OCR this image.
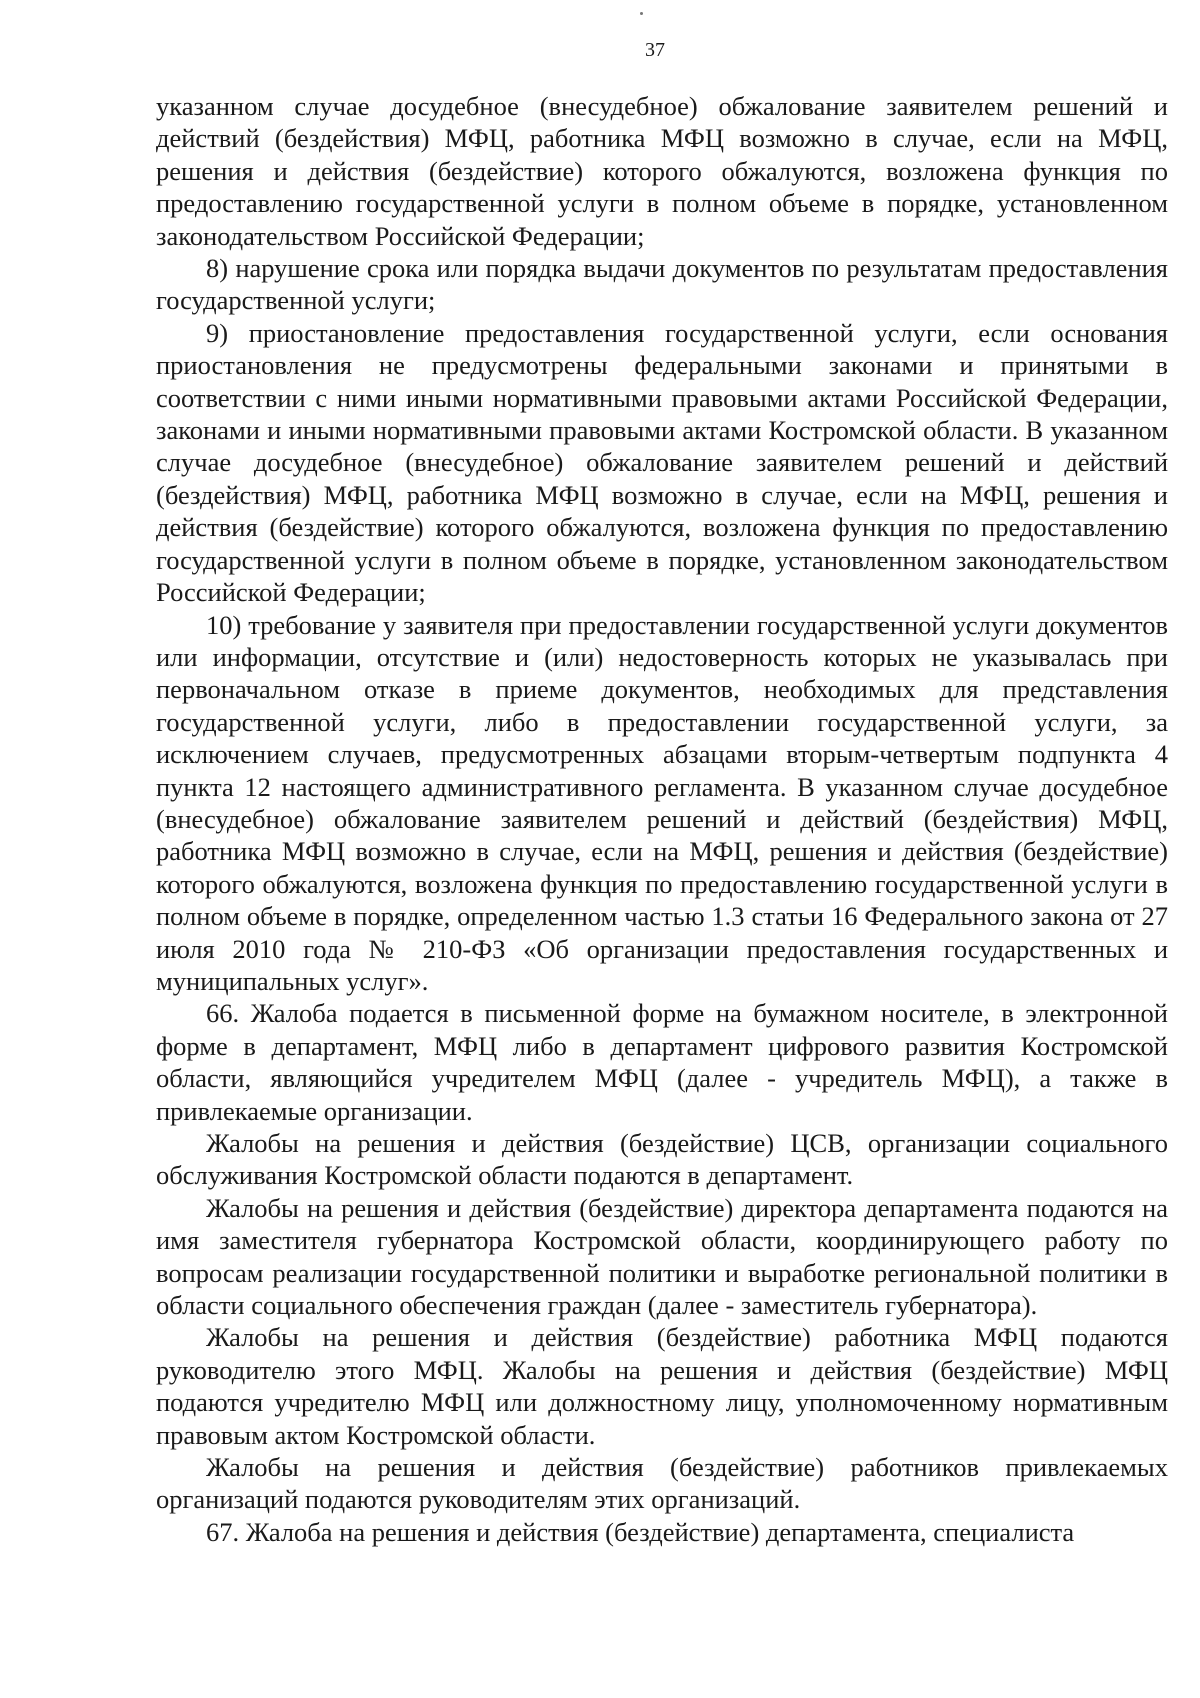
37

указанном случае досудебное (внесудебное) обжалование заявителем решений и действий (бездействия) МФЦ, работника МФЦ возможно в случае, если на МФЦ, решения и действия (бездействие) которого обжалуются, возложена функция по предоставлению государственной услуги в полном объеме в порядке, установленном законодательством Российской Федерации;

8) нарушение срока или порядка выдачи документов по результатам предоставления государственной услуги;

9) приостановление предоставления государственной услуги, если основания приостановления не предусмотрены федеральными законами и принятыми в соответствии с ними иными нормативными правовыми актами Российской Федерации, законами и иными нормативными правовыми актами Костромской области. В указанном случае досудебное (внесудебное) обжалование заявителем решений и действий (бездействия) МФЦ, работника МФЦ возможно в случае, если на МФЦ, решения и действия (бездействие) которого обжалуются, возложена функция по предоставлению государственной услуги в полном объеме в порядке, установленном законодательством Российской Федерации;

10) требование у заявителя при предоставлении государственной услуги документов или информации, отсутствие и (или) недостоверность которых не указывалась при первоначальном отказе в приеме документов, необходимых для представления государственной услуги, либо в предоставлении государственной услуги, за исключением случаев, предусмотренных абзацами вторым-четвертым подпункта 4 пункта 12 настоящего административного регламента. В указанном случае досудебное (внесудебное) обжалование заявителем решений и действий (бездействия) МФЦ, работника МФЦ возможно в случае, если на МФЦ, решения и действия (бездействие) которого обжалуются, возложена функция по предоставлению государственной услуги в полном объеме в порядке, определенном частью 1.3 статьи 16 Федерального закона от 27 июля 2010 года № 210-ФЗ «Об организации предоставления государственных и муниципальных услуг».

66. Жалоба подается в письменной форме на бумажном носителе, в электронной форме в департамент, МФЦ либо в департамент цифрового развития Костромской области, являющийся учредителем МФЦ (далее - учредитель МФЦ), а также в привлекаемые организации.

Жалобы на решения и действия (бездействие) ЦСВ, организации социального обслуживания Костромской области подаются в департамент.

Жалобы на решения и действия (бездействие) директора департамента подаются на имя заместителя губернатора Костромской области, координирующего работу по вопросам реализации государственной политики и выработке региональной политики в области социального обеспечения граждан (далее - заместитель губернатора).

Жалобы на решения и действия (бездействие) работника МФЦ подаются руководителю этого МФЦ. Жалобы на решения и действия (бездействие) МФЦ подаются учредителю МФЦ или должностному лицу, уполномоченному нормативным правовым актом Костромской области.

Жалобы на решения и действия (бездействие) работников привлекаемых организаций подаются руководителям этих организаций.

67. Жалоба на решения и действия (бездействие) департамента, специалиста
